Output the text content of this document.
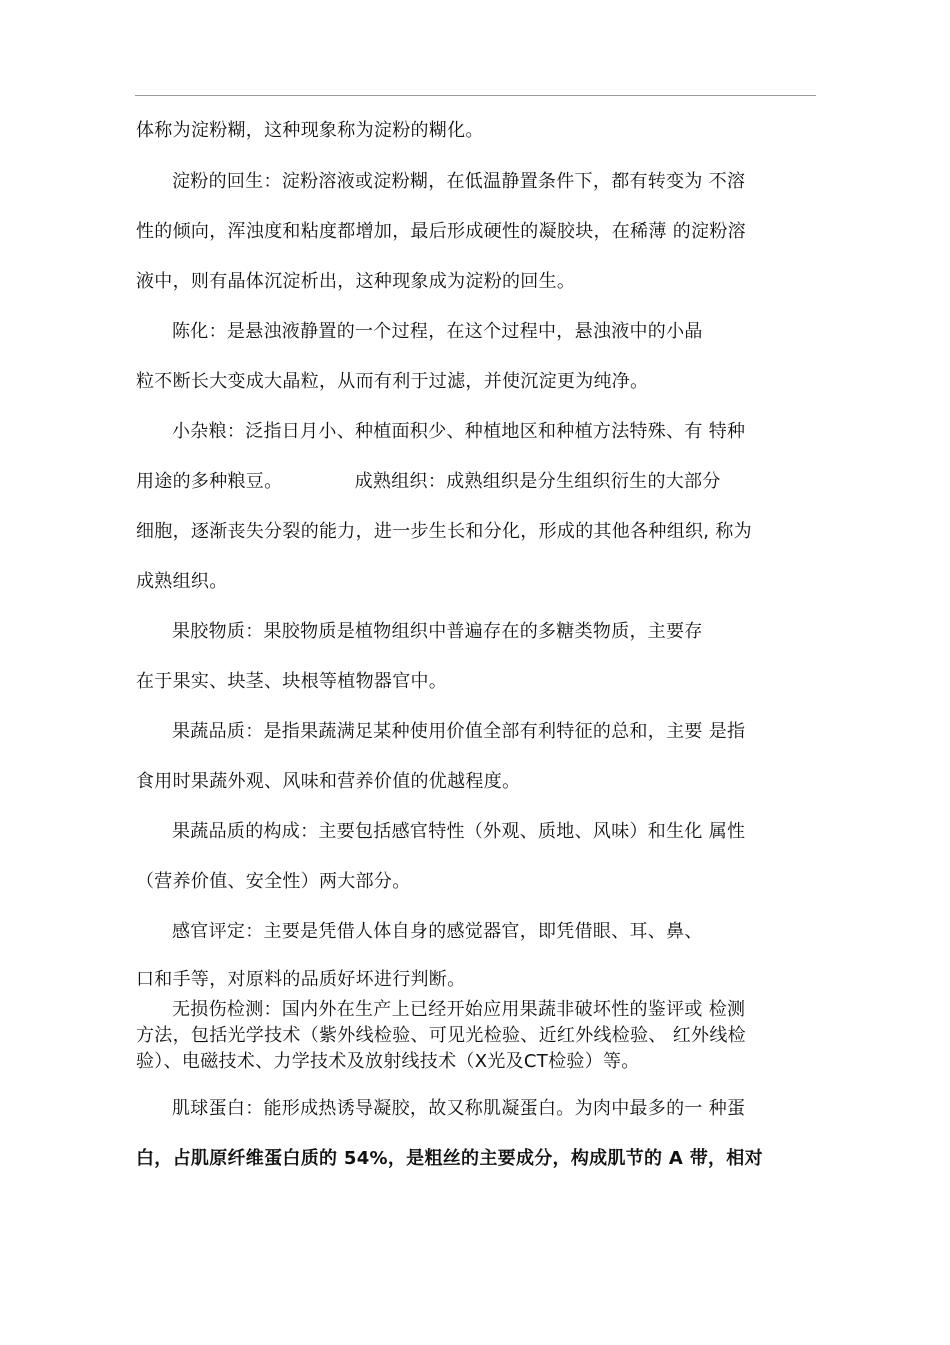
体称为淀粉糊，这种现象称为淀粉的糊化。
淀粉的回生：淀粉溶液或淀粉糊，在低温静置条件下，都有转变为 不溶
性的倾向，浑浊度和粘度都增加，最后形成硬性的凝胶块，在稀薄 的淀粉溶
液中，则有晶体沉淀析出，这种现象成为淀粉的回生。
陈化：是悬浊液静置的一个过程，在这个过程中，悬浊液中的小晶
粒不断长大变成大晶粒，从而有利于过滤，并使沉淀更为纯净。
小杂粮：泛指日月小、种植面积少、种植地区和种植方法特殊、有 特种
用途的多种粮豆。            成熟组织：成熟组织是分生组织衍生的大部分
细胞，逐渐丧失分裂的能力，进一步生长和分化，形成的其他各种组织, 称为
成熟组织。
果胶物质：果胶物质是植物组织中普遍存在的多糖类物质，主要存
在于果实、块茎、块根等植物器官中。
果蔬品质：是指果蔬满足某种使用价值全部有利特征的总和，主要 是指
食用时果蔬外观、风味和营养价值的优越程度。
果蔬品质的构成：主要包括感官特性（外观、质地、风味）和生化 属性
（营养价值、安全性）两大部分。
感官评定：主要是凭借人体自身的感觉器官，即凭借眼、耳、鼻、
口和手等，对原料的品质好坏进行判断。
无损伤检测：国内外在生产上已经开始应用果蔬非破坏性的鉴评或 检测
方法，包括光学技术（紫外线检验、可见光检验、近红外线检验、 红外线检
验）、电磁技术、力学技术及放射线技术（X光及CT检验）等。
肌球蛋白：能形成热诱导凝胶，故又称肌凝蛋白。为肉中最多的一 种蛋
白，占肌原纤维蛋白质的 54%，是粗丝的主要成分，构成肌节的 A 带，相对
